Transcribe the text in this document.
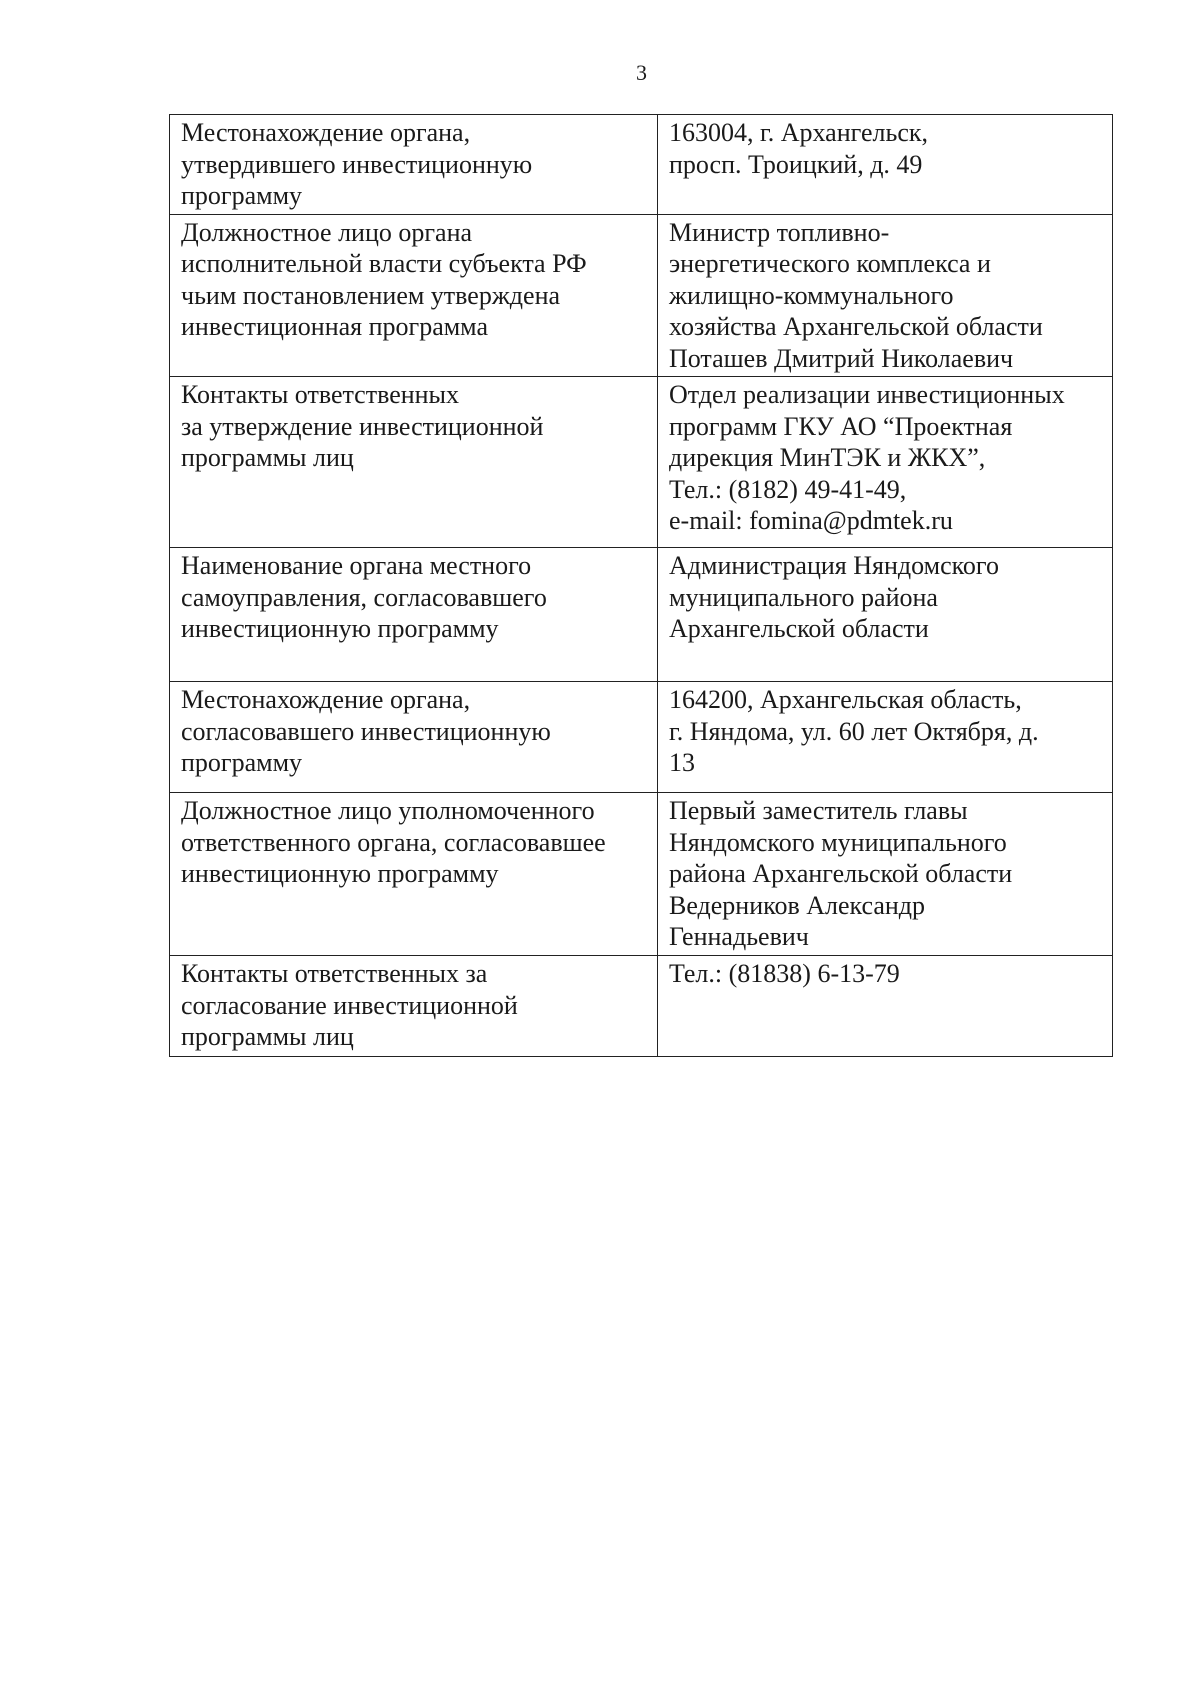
3
Местонахождение органа,
утвердившего инвестиционную
программу	163004, г. Архангельск,
просп. Троицкий, д. 49

Должностное лицо органа
исполнительной власти субъекта РФ
чьим постановлением утверждена
инвестиционная программа	Министр топливно-
энергетического комплекса и
жилищно-коммунального
хозяйства Архангельской области
Поташев Дмитрий Николаевич

Контакты ответственных
за утверждение инвестиционной
программы лиц	Отдел реализации инвестиционных
программ ГКУ АО “Проектная
дирекция МинТЭК и ЖКХ”,
Тел.: (8182) 49-41-49,
e-mail: fomina@pdmtek.ru

Наименование органа местного
самоуправления, согласовавшего
инвестиционную программу	Администрация Няндомского
муниципального района
Архангельской области

Местонахождение органа,
согласовавшего инвестиционную
программу	164200, Архангельская область,
г. Няндома, ул. 60 лет Октября, д.
13

Должностное лицо уполномоченного
ответственного органа, согласовавшее
инвестиционную программу	Первый заместитель главы
Няндомского муниципального
района Архангельской области
Ведерников Александр
Геннадьевич

Контакты ответственных за
согласование инвестиционной
программы лиц	Тел.: (81838) 6-13-79
